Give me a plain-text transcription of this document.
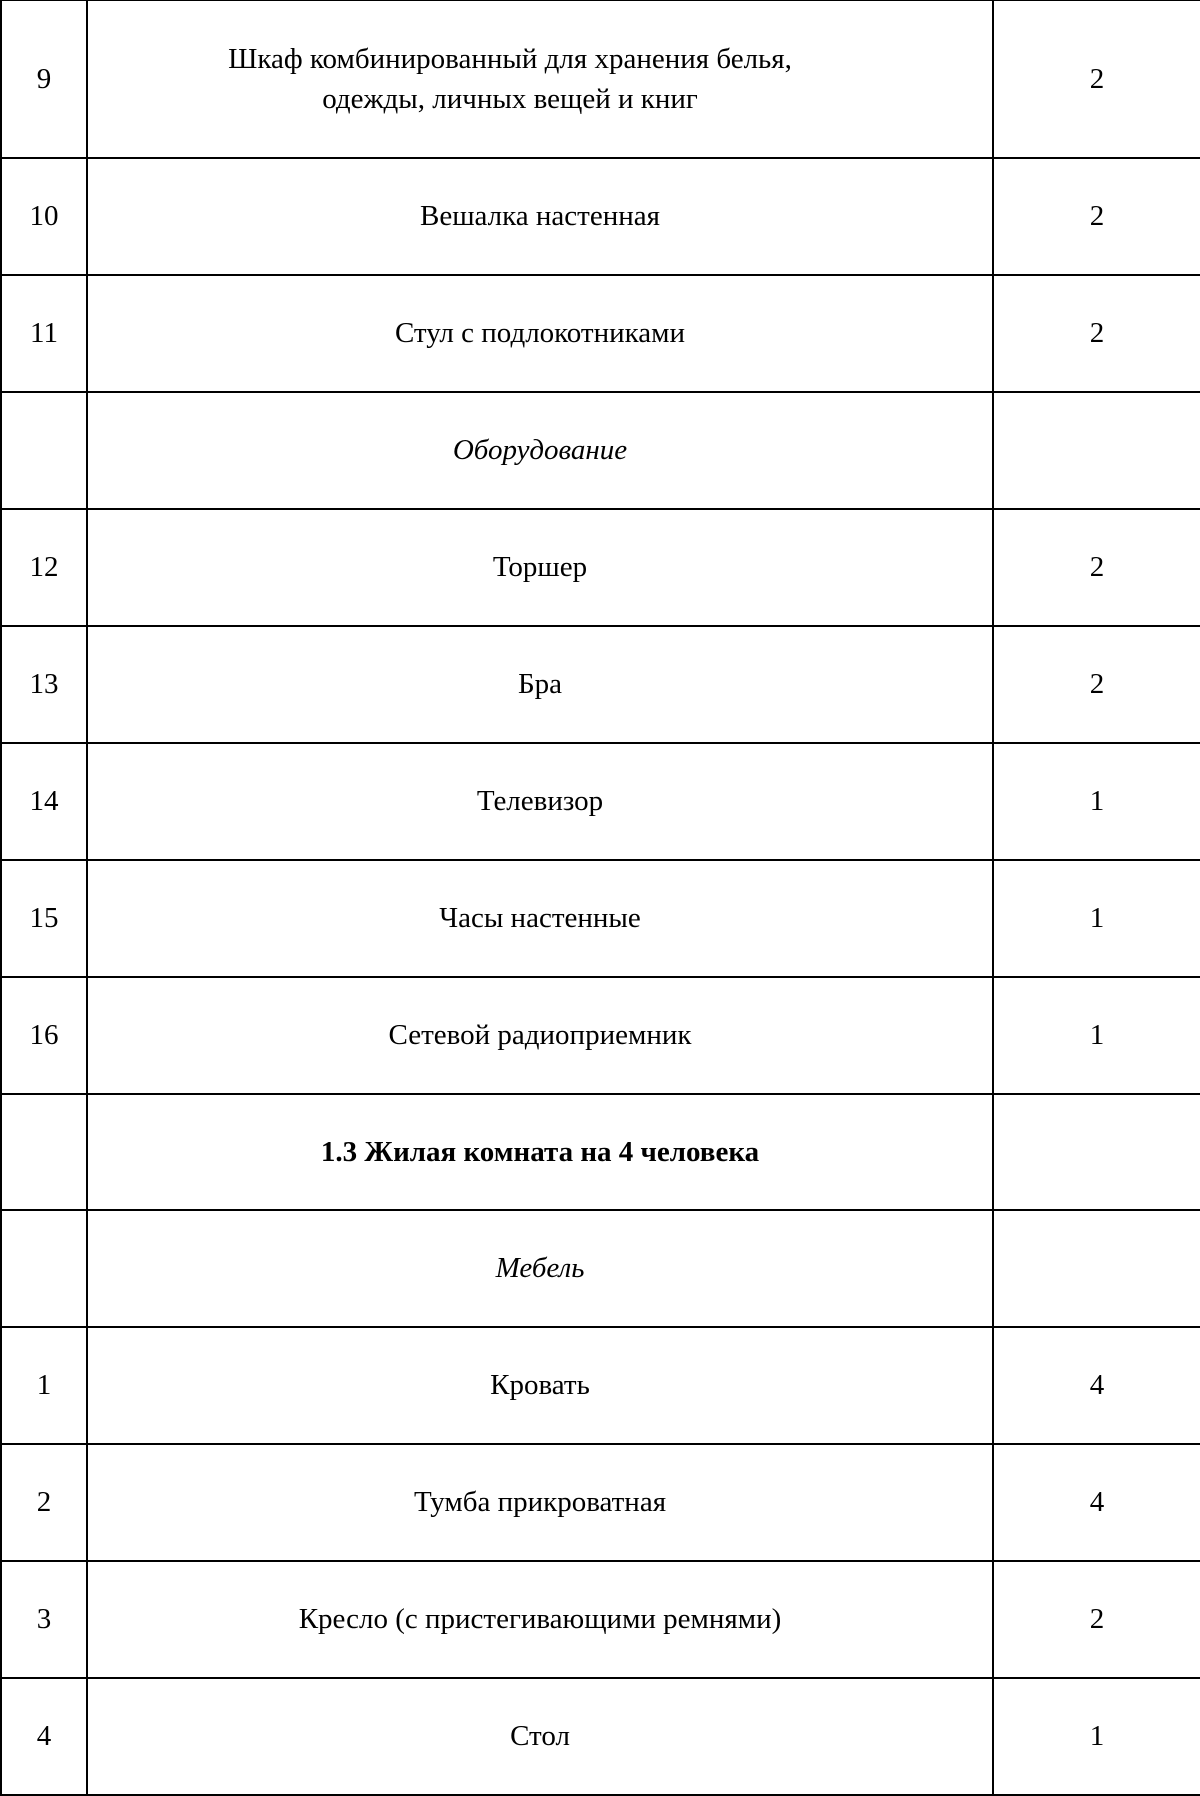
9	Шкаф комбинированный для хранения белья, одежды, личных вещей и книг	2
10	Вешалка настенная	2
11	Стул с подлокотниками	2
	Оборудование	
12	Торшер	2
13	Бра	2
14	Телевизор	1
15	Часы настенные	1
16	Сетевой радиоприемник	1
	1.3 Жилая комната на 4 человека	
	Мебель	
1	Кровать	4
2	Тумба прикроватная	4
3	Кресло (с пристегивающими ремнями)	2
4	Стол	1
